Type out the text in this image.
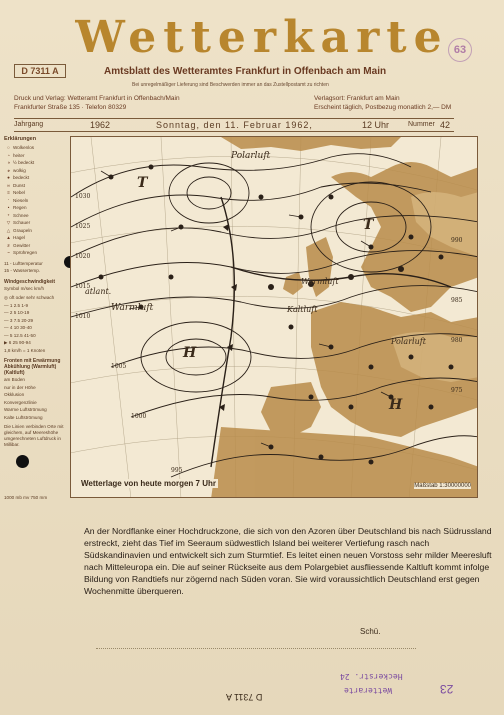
Wetterkarte 63
D 7311 A	Amtsblatt des Wetteramtes Frankfurt in Offenbach am Main
Bei unregelmäßiger Lieferung sind Beschwerden immer an das Zustellpostamt zu richten
Druck und Verlag: Wetteramt Frankfurt in Offenbach/Main
Frankfurter Straße 135 · Telefon 80329
Verlagsort: Frankfurt am Main
Erscheint täglich, Postbezug monatlich 2,— DM
Jahrgang	1962	Sonntag, den 11. Februar 1962,	12 Uhr	Nummer 42
Erklärungen
○ Wolkenlos
◔ heiter
◑ ½ bedeckt
◕ wolkig
● bedeckt
∞ Dunst
≡ Nebel
’ Nieseln
• Regen
* Schnee
▽ Schauer
△ Graupeln
▲ Hagel
ƶ Gewitter
~ Sprühregen
11 - Lufttemperatur
15 - Wassertemp.
Windgeschwindigkeit
Symbol m/sec km/h
◎ oft oder sehr schwach
— 1 2.5 1-9
— 2 5 10-19
— 3 7.5 20-29
— 4 10 30-40
— 5 12.5 41-50
▶ 6 25 90-94
1,8 km/h = 1 Knoten
Fronten mit Erwärmung Abkühlung (Warmluft) (Kaltluft)
am Boden
nur in der Höhe
Okklusion
Konvergenzlinie
Warme Luftströmung
Kalte Luftströmung
Die Linien verbinden Orte mit gleichem, auf Meereshöhe umgerechneten Luftdruck in Millibar.
1000 mb mv 750 mm
T
H
T
H
Polarluft
atlant.
Warmluft
Warmluft
Kaltluft
Polarluft
1030
1025
1020
1015
1010
1005
1000
995
990
985
980
975
Wetterlage von heute morgen 7 Uhr	Maßstab 1:30000000
An der Nordflanke einer Hochdruckzone, die sich von den Azoren über Deutschland bis nach Südrussland erstreckt, zieht das Tief im Seeraum südwestlich Island bei weiterer Vertiefung rasch nach Südskandinavien und entwickelt sich zum Sturmtief. Es leitet einen neuen Vorstoss sehr milder Meeresluft nach Mitteleuropa ein. Die auf seiner Rückseite aus dem Polargebiet ausfliessende Kaltluft kommt infolge Bildung von Randtiefs nur zögernd nach Süden voran. Sie wird voraussichtlich Deutschland erst gegen Wochenmitte überqueren.
Schü.
Heckerstr. 24
Wetterarte	23
D 7311 A
